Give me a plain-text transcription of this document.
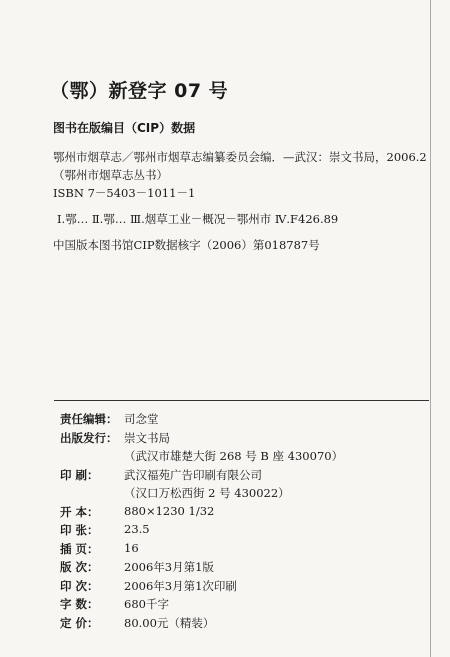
（鄂）新登字 07 号
图书在版编目（CIP）数据
鄂州市烟草志／鄂州市烟草志编纂委员会编．—武汉：崇文书局，2006.2
（鄂州市烟草志丛书）
ISBN 7－5403－1011－1
Ⅰ.鄂… Ⅱ.鄂… Ⅲ.烟草工业－概况－鄂州市 Ⅳ.F426.89
中国版本图书馆CIP数据核字（2006）第018787号
责任编辑： 司念堂
出版发行： 崇文书局
（武汉市雄楚大街 268 号 B 座 430070）
印 刷：	武汉福苑广告印刷有限公司
（汉口万松西街 2 号 430022）
开 本：	880×1230 1/32
印 张：	23.5
插 页：	16
版 次：	2006年3月第1版
印 次：	2006年3月第1次印刷
字 数：	680千字
定 价：	80.00元（精装）
